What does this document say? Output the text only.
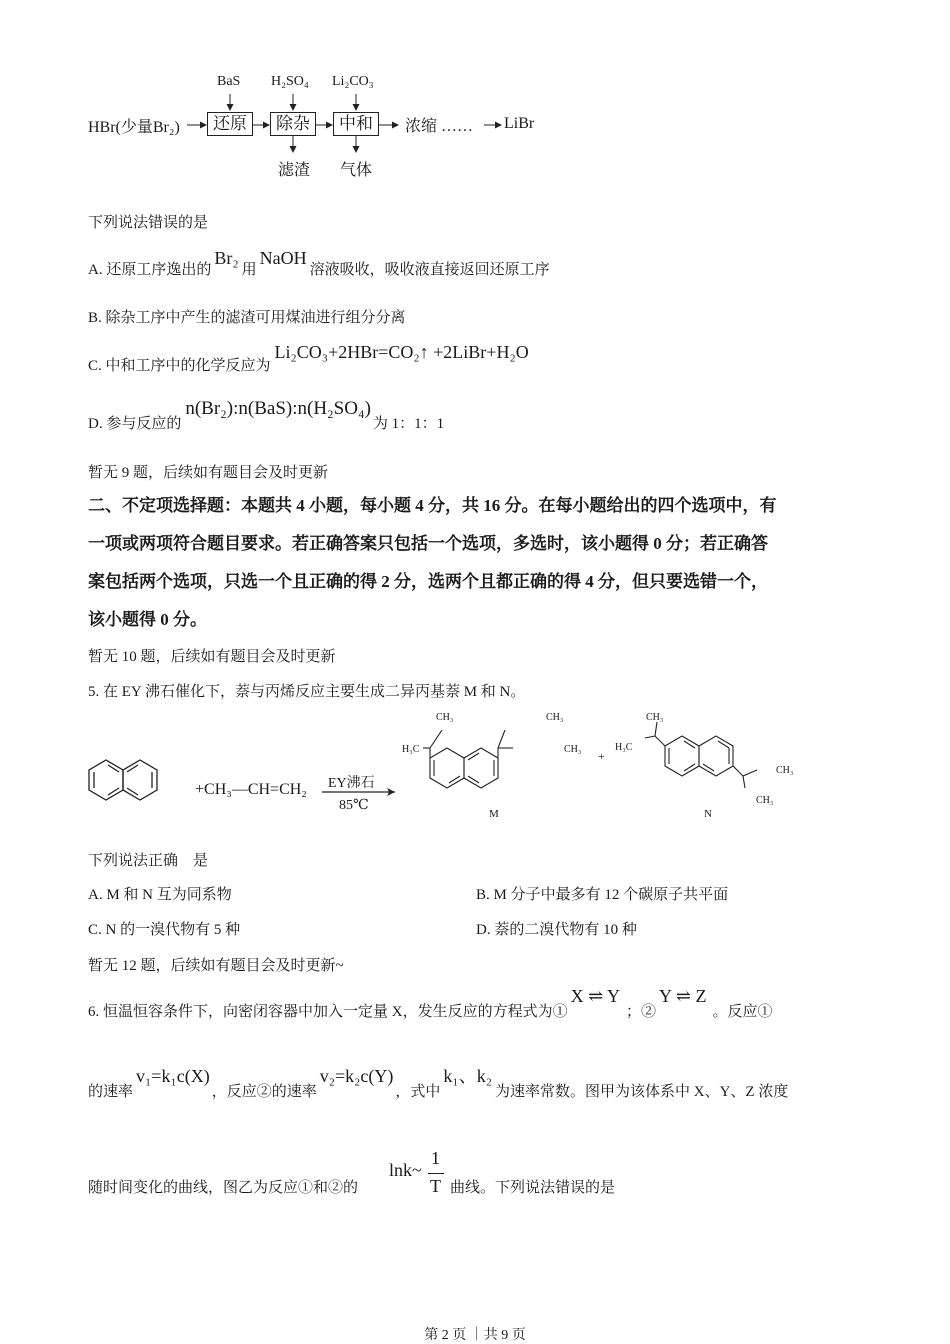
HBr(少量Br₂)
BaS H₂SO₄ Li₂CO₃
还原	除杂	中和	浓缩 …… LiBr
滤渣 气体
下列说法错误的是
A. 还原工序逸出的Br₂用NaOH溶液吸收，吸收液直接返回还原工序
B. 除杂工序中产生的滤渣可用煤油进行组分分离
C. 中和工序中的化学反应为Li₂CO₃+2HBr=CO₂↑ +2LiBr+H₂O
D. 参与反应的n(Br₂):n(BaS):n(H₂SO₄)为 1：1：1
暂无 9 题，后续如有题目会及时更新
二、不定项选择题：本题共 4 小题，每小题 4 分，共 16 分。在每小题给出的四个选项中，有
一项或两项符合题目要求。若正确答案只包括一个选项，多选时，该小题得 0 分；若正确答
案包括两个选项，只选一个且正确的得 2 分，选两个且都正确的得 4 分，但只要选错一个，
该小题得 0 分。
暂无 10 题，后续如有题目会及时更新
5. 在 EY 沸石催化下，萘与丙烯反应主要生成二异丙基萘 M 和 N。
+CH₃—CH=CH₂ EY沸石
85℃
+
M	N
CH₃
H₃C
CH₃
CH₃
CH₃
H₃C
CH₃
CH₃
下列说法正确　是
A. M 和 N 互为同系物	B. M 分子中最多有 12 个碳原子共平面
C. N 的一溴代物有 5 种	D. 萘的二溴代物有 10 种
暂无 12 题，后续如有题目会及时更新~
6. 恒温恒容条件下，向密闭容器中加入一定量 X，发生反应的方程式为①X ⇌ Y；②Y ⇌ Z。反应①
的速率v₁=k₁c(X)，反应②的速率v₂=k₂c(Y)，式中k₁、k₂为速率常数。图甲为该体系中 X、Y、Z 浓度
随时间变化的曲线，图乙为反应①和②的
lnk~
1
T 曲线。下列说法错误的是
第 2 页 ｜共 9 页
